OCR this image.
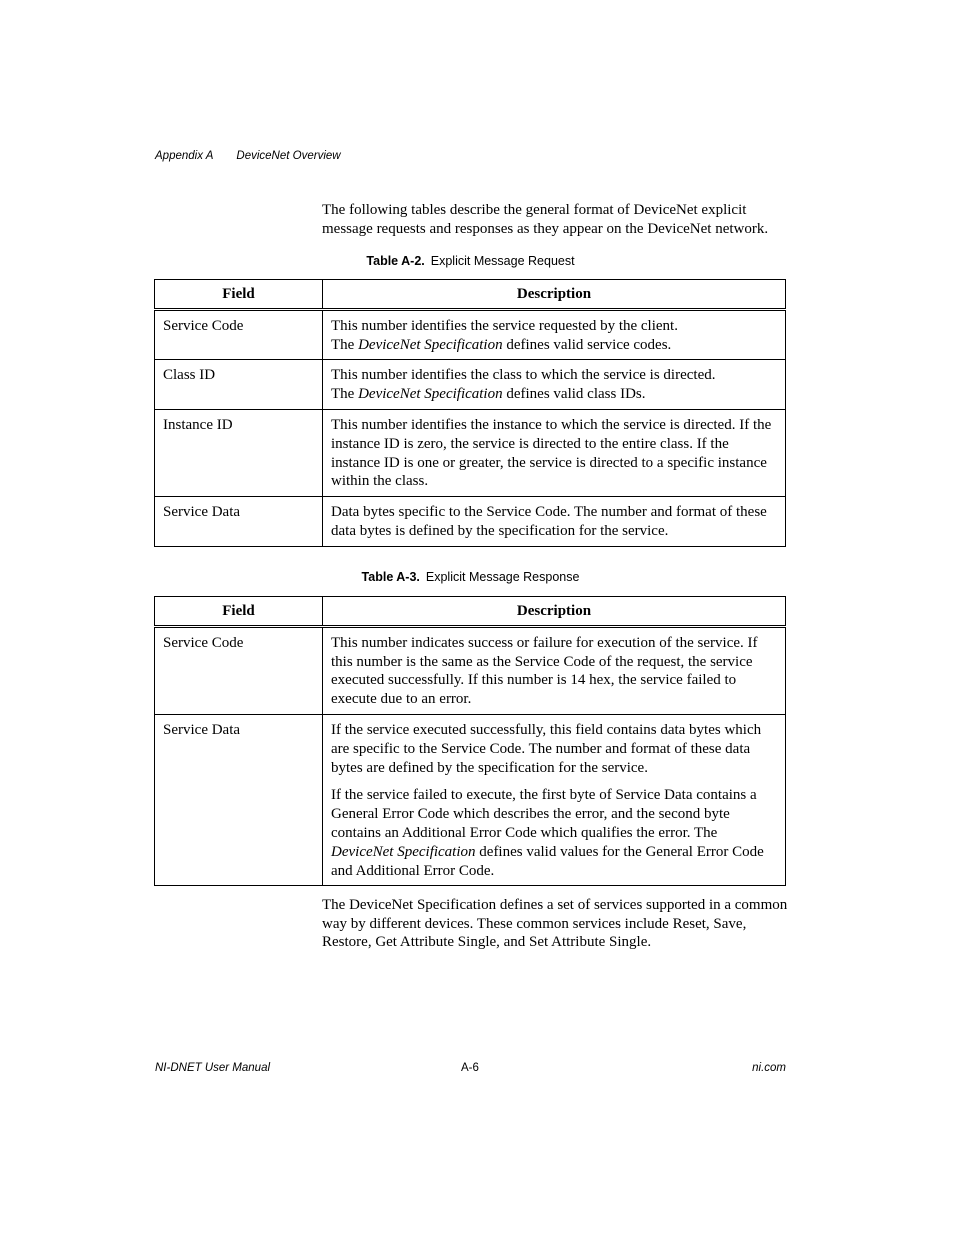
Appendix A DeviceNet Overview
The following tables describe the general format of DeviceNet explicit message requests and responses as they appear on the DeviceNet network.
Table A-2. Explicit Message Request
Field	Description
Service Code	This number identifies the service requested by the client.
The DeviceNet Specification defines valid service codes.

Class ID	This number identifies the class to which the service is directed.
The DeviceNet Specification defines valid class IDs.

Instance ID	This number identifies the instance to which the service is directed. If the instance ID is zero, the service is directed to the entire class. If the instance ID is one or greater, the service is directed to a specific instance within the class.
Service Data	Data bytes specific to the Service Code. The number and format of these data bytes is defined by the specification for the service.
Table A-3. Explicit Message Response
Field	Description
Service Code	This number indicates success or failure for execution of the service. If this number is the same as the Service Code of the request, the service executed successfully. If this number is 14 hex, the service failed to execute due to an error.
Service Data	If the service executed successfully, this field contains data bytes which are specific to the Service Code. The number and format of these data bytes are defined by the specification for the service.

If the service failed to execute, the first byte of Service Data contains a General Error Code which describes the error, and the second byte contains an Additional Error Code which qualifies the error. The DeviceNet Specification defines valid values for the General Error Code and Additional Error Code.

The DeviceNet Specification defines a set of services supported in a common way by different devices. These common services include Reset, Save, Restore, Get Attribute Single, and Set Attribute Single.
NI-DNET User Manual	A-6	ni.com
